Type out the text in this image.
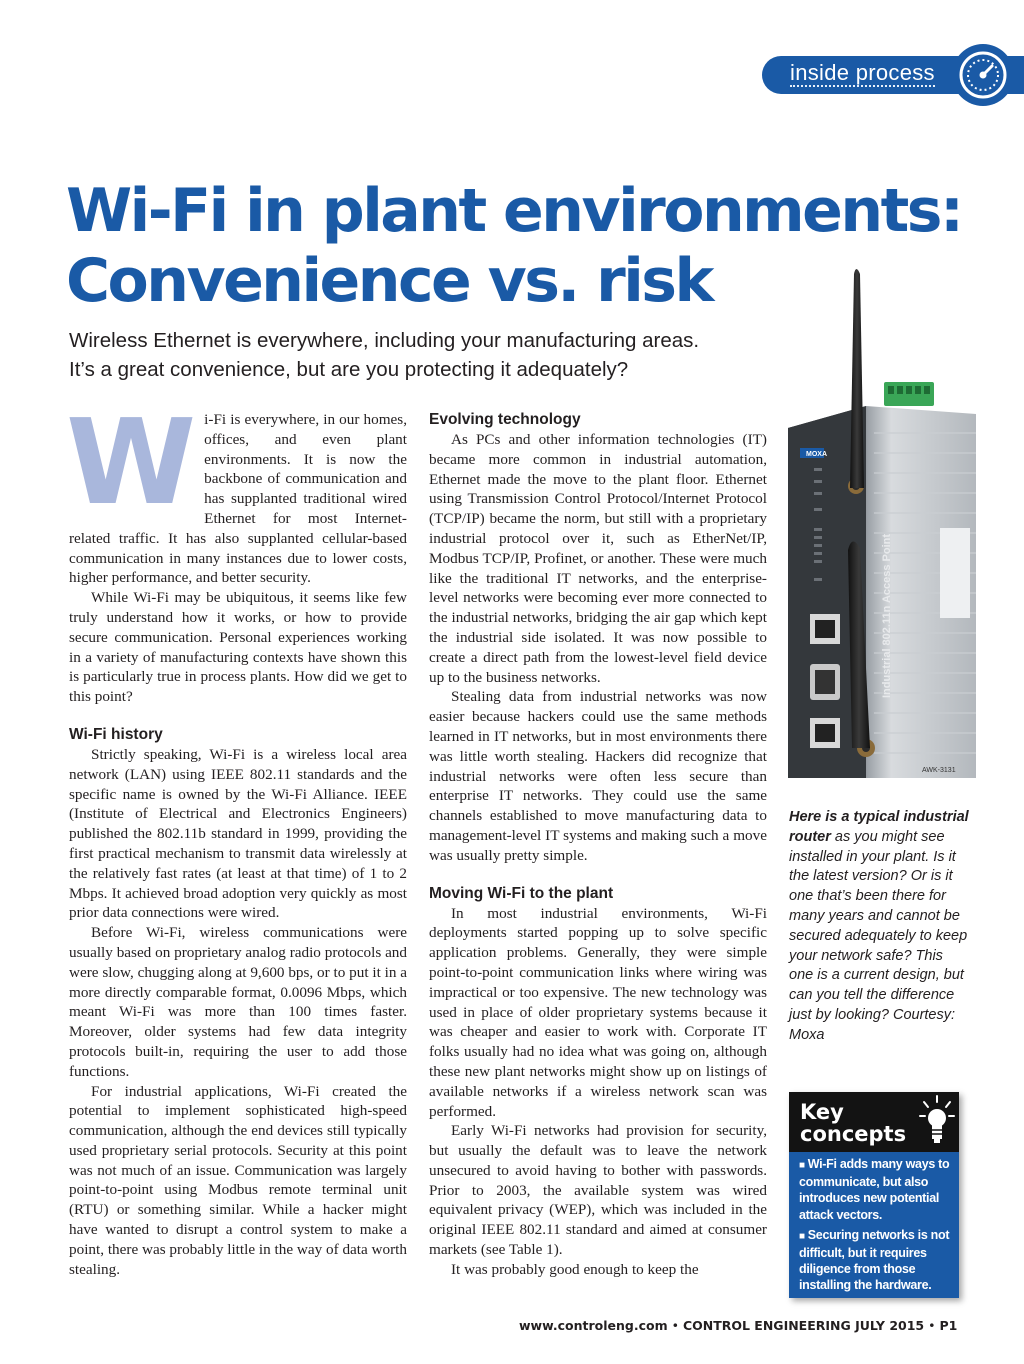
inside process
Wi-Fi in plant environments:
Convenience vs. risk

Wireless Ethernet is everywhere, including your manufacturing areas.
It’s a great convenience, but are you protecting it adequately?

W i-Fi is everywhere, in our homes, offices, and even plant environments. It is now the backbone of communication and has supplanted traditional wired Ethernet for most Internet-related traffic. It has also supplanted cellular-based communication in many instances due to lower costs, higher performance, and better security.

While Wi-Fi may be ubiquitous, it seems like few truly understand how it works, or how to provide secure communication. Personal experiences working in a variety of manufacturing contexts have shown this is particularly true in process plants. How did we get to this point?

Wi-Fi history

Strictly speaking, Wi-Fi is a wireless local area network (LAN) using IEEE 802.11 standards and the specific name is owned by the Wi-Fi Alliance. IEEE (Institute of Electrical and Electronics Engineers) published the 802.11b standard in 1999, providing the first practical mechanism to transmit data wirelessly at the relatively fast rates (at least at that time) of 1 to 2 Mbps. It achieved broad adoption very quickly as most prior data connections were wired.

Before Wi-Fi, wireless communications were usually based on proprietary analog radio protocols and were slow, chugging along at 9,600 bps, or to put it in a more directly comparable format, 0.0096 Mbps, which meant Wi-Fi was more than 100 times faster. Moreover, older systems had few data integrity protocols built-in, requiring the user to add those functions.

For industrial applications, Wi-Fi created the potential to implement sophisticated high-speed communication, although the end devices still typically used proprietary serial protocols. Security at this point was not much of an issue. Communication was largely point-to-point using Modbus remote terminal unit (RTU) or something similar. While a hacker might have wanted to disrupt a control system to make a point, there was probably little in the way of data worth stealing.

Evolving technology

As PCs and other information technologies (IT) became more common in industrial automation, Ethernet made the move to the plant floor. Ethernet using Transmission Control Protocol/Internet Protocol (TCP/IP) became the norm, but still with a proprietary industrial protocol over it, such as EtherNet/IP, Modbus TCP/IP, Profinet, or another. These were much like the traditional IT networks, and the enterprise-level networks were becoming ever more connected to the industrial networks, bridging the air gap which kept the industrial side isolated. It was now possible to create a direct path from the lowest-level field device up to the business networks.

Stealing data from industrial networks was now easier because hackers could use the same methods learned in IT networks, but in most environments there was little worth stealing. Hackers did recognize that industrial networks were often less secure than enterprise IT networks. They could use the same channels established to move manufacturing data to management-level IT systems and making such a move was usually pretty simple.

Moving Wi-Fi to the plant

In most industrial environments, Wi-Fi deployments started popping up to solve specific application problems. Generally, they were simple point-to-point communication links where wiring was impractical or too expensive. The new technology was used in place of older proprietary systems because it was cheaper and easier to work with. Corporate IT folks usually had no idea what was going on, although these new plant networks might show up on listings of available networks if a wireless network scan was performed.

Early Wi-Fi networks had provision for security, but usually the default was to leave the network unsecured to avoid having to bother with passwords. Prior to 2003, the available system was wired equivalent privacy (WEP), which was included in the original IEEE 802.11 standard and aimed at consumer markets (see Table 1).

It was probably good enough to keep the

Industrial 802.11n Access Point
MOXA
AWK-3131
Here is a typical industrial router as you might see installed in your plant. Is it the latest version? Or is it one that’s been there for many years and cannot be secured adequately to keep your network safe? This one is a current design, but can you tell the difference just by looking? Courtesy: Moxa
Key
concepts
■ Wi-Fi adds many ways to communicate, but also introduces new potential attack vectors.
■ Securing networks is not difficult, but it requires diligence from those installing the hardware.
www.controleng.com • CONTROL ENGINEERING JULY 2015 • P1
